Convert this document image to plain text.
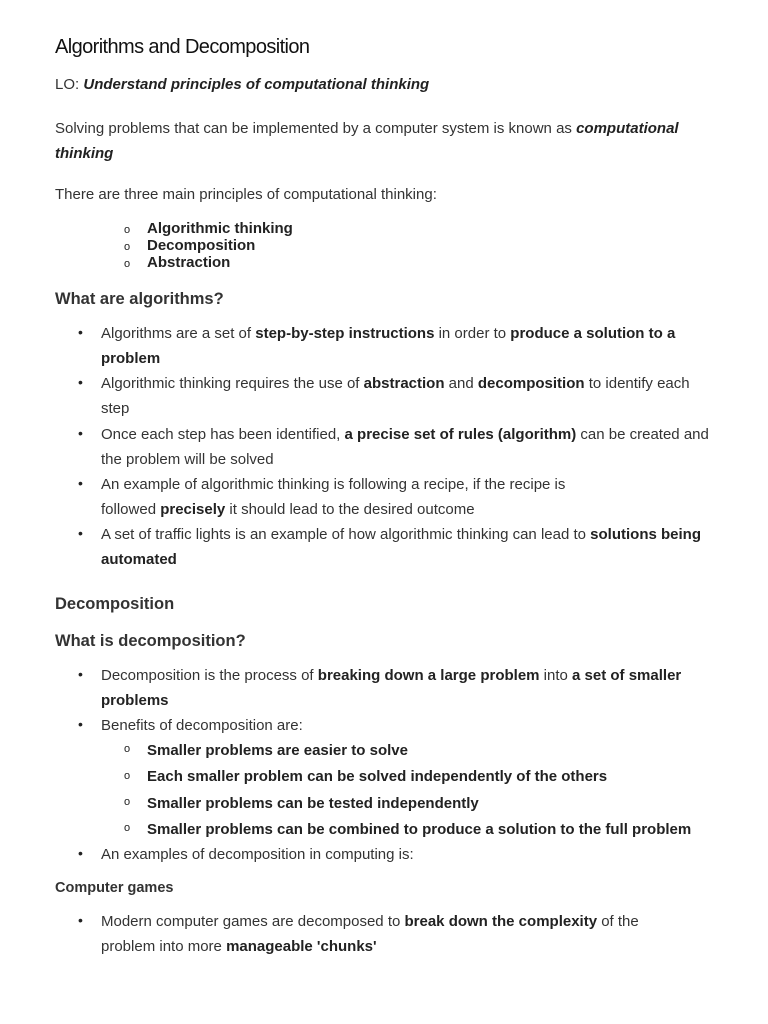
Algorithms and Decomposition
LO: Understand principles of computational thinking
Solving problems that can be implemented by a computer system is known as computational thinking
There are three main principles of computational thinking:
o
Algorithmic thinking
o
Decomposition
o
Abstraction
What are algorithms?
•
Algorithms are a set of step-by-step instructions in order to produce a solution to a problem
•
Algorithmic thinking requires the use of abstraction and decomposition to identify each step
•
Once each step has been identified, a precise set of rules (algorithm) can be created and the problem will be solved
•
An example of algorithmic thinking is following a recipe, if the recipe is followed precisely it should lead to the desired outcome
•
A set of traffic lights is an example of how algorithmic thinking can lead to solutions being automated
Decomposition
What is decomposition?
•
Decomposition is the process of breaking down a large problem into a set of smaller problems
•
Benefits of decomposition are:
o
Smaller problems are easier to solve
o
Each smaller problem can be solved independently of the others
o
Smaller problems can be tested independently
o
Smaller problems can be combined to produce a solution to the full problem
•
An examples of decomposition in computing is:
Computer games
•
Modern computer games are decomposed to break down the complexity of the problem into more manageable 'chunks'
